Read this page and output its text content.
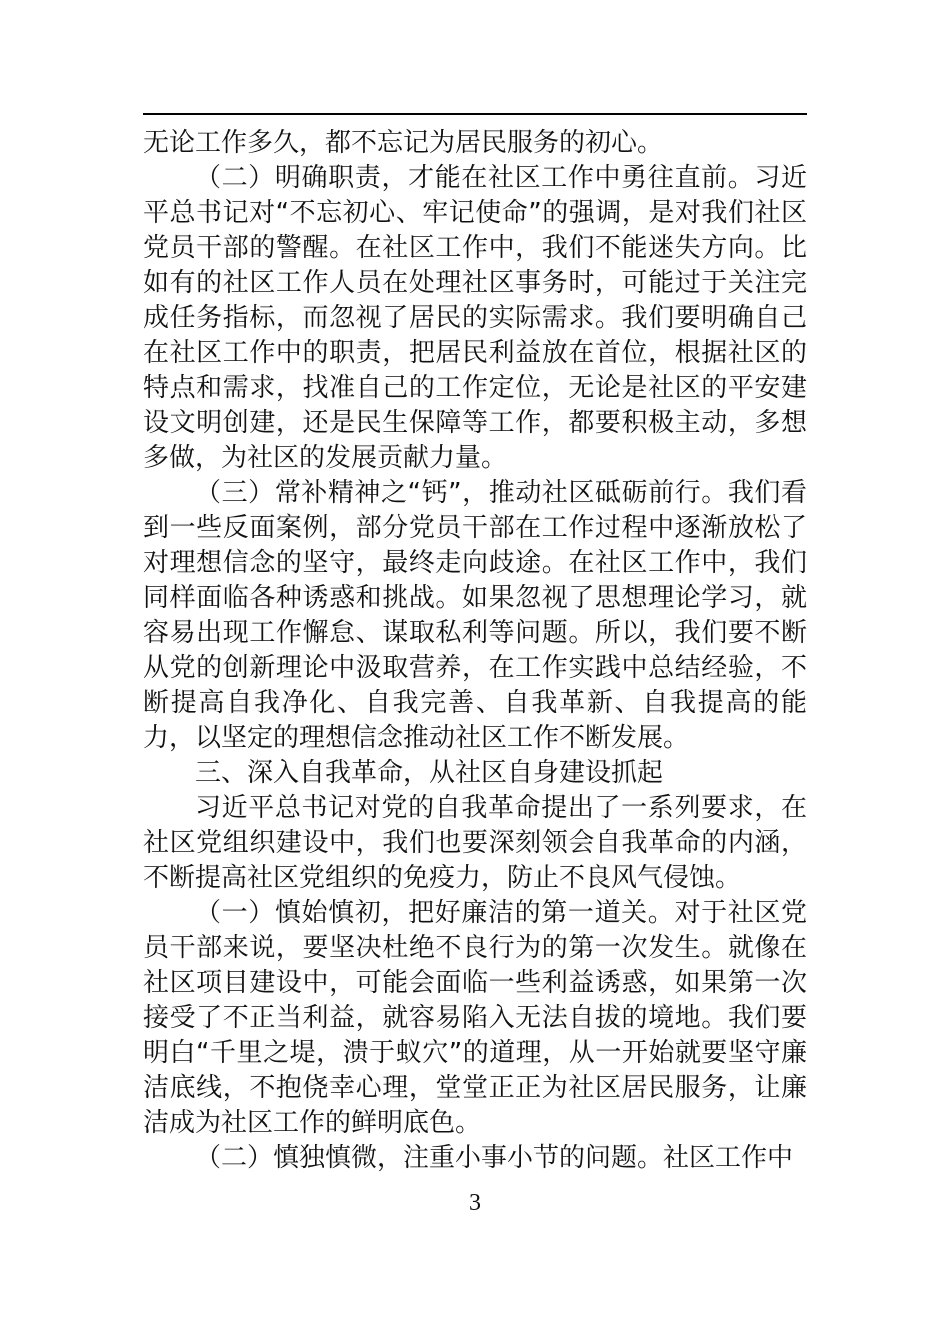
无论工作多久，都不忘记为居民服务的初心。

（二）明确职责，才能在社区工作中勇往直前。习近平总书记对“不忘初心、牢记使命”的强调，是对我们社区党员干部的警醒。在社区工作中，我们不能迷失方向。比如有的社区工作人员在处理社区事务时，可能过于关注完成任务指标，而忽视了居民的实际需求。我们要明确自己在社区工作中的职责，把居民利益放在首位，根据社区的特点和需求，找准自己的工作定位，无论是社区的平安建设文明创建，还是民生保障等工作，都要积极主动，多想多做，为社区的发展贡献力量。

（三）常补精神之“钙”，推动社区砥砺前行。我们看到一些反面案例，部分党员干部在工作过程中逐渐放松了对理想信念的坚守，最终走向歧途。在社区工作中，我们同样面临各种诱惑和挑战。如果忽视了思想理论学习，就容易出现工作懈怠、谋取私利等问题。所以，我们要不断从党的创新理论中汲取营养，在工作实践中总结经验，不断提高自我净化、自我完善、自我革新、自我提高的能力，以坚定的理想信念推动社区工作不断发展。

三、深入自我革命，从社区自身建设抓起

习近平总书记对党的自我革命提出了一系列要求，在社区党组织建设中，我们也要深刻领会自我革命的内涵，不断提高社区党组织的免疫力，防止不良风气侵蚀。

（一）慎始慎初，把好廉洁的第一道关。对于社区党员干部来说，要坚决杜绝不良行为的第一次发生。就像在社区项目建设中，可能会面临一些利益诱惑，如果第一次接受了不正当利益，就容易陷入无法自拔的境地。我们要明白“千里之堤，溃于蚁穴”的道理，从一开始就要坚守廉洁底线，不抱侥幸心理，堂堂正正为社区居民服务，让廉洁成为社区工作的鲜明底色。

（二）慎独慎微，注重小事小节的问题。社区工作中

3
